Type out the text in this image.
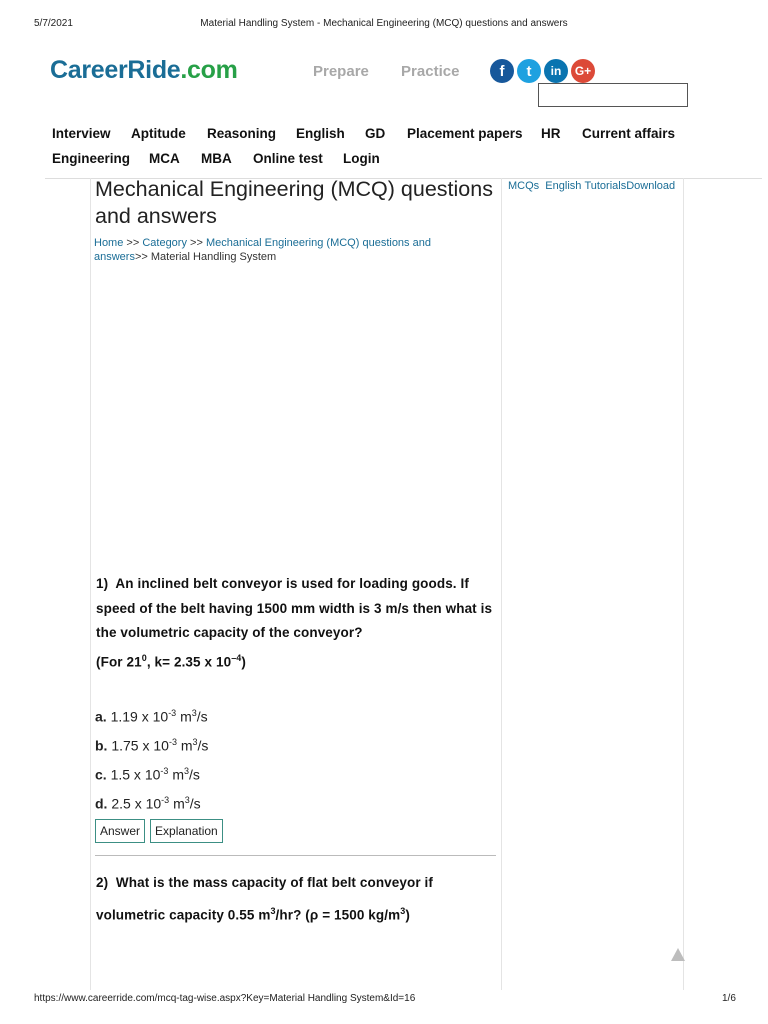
5/7/2021	Material Handling System - Mechanical Engineering (MCQ) questions and answers
CareerRide.com	Prepare Practice	f	t	in	G+
Interview Aptitude Reasoning English GD Placement papers HR Current affairs
Engineering MCA MBA Online test Login
MCQs English TutorialsDownload
Mechanical Engineering (MCQ) questions and answers
Home >> Category >> Mechanical Engineering (MCQ) questions and answers>> Material Handling System
1) An inclined belt conveyor is used for loading goods. If speed of the belt having 1500 mm width is 3 m/s then what is the volumetric capacity of the conveyor?
(For $21^0$, k= 2.35 x $10^{-4}$)
a. 1.19 x $10^{-3}$ $m^3/s$
b. 1.75 x $10^{-3}$ $m^3/s$
c. 1.5 x $10^{-3}$ $m^3/s$
d. 2.5 x $10^{-3}$ $m^3/s$
Answer	Explanation
2) What is the mass capacity of flat belt conveyor if volumetric capacity 0.55 $m^3/hr$? (ρ = 1500 $kg/m^3$)
https://www.careerride.com/mcq-tag-wise.aspx?Key=Material Handling System&Id=16	1/6
